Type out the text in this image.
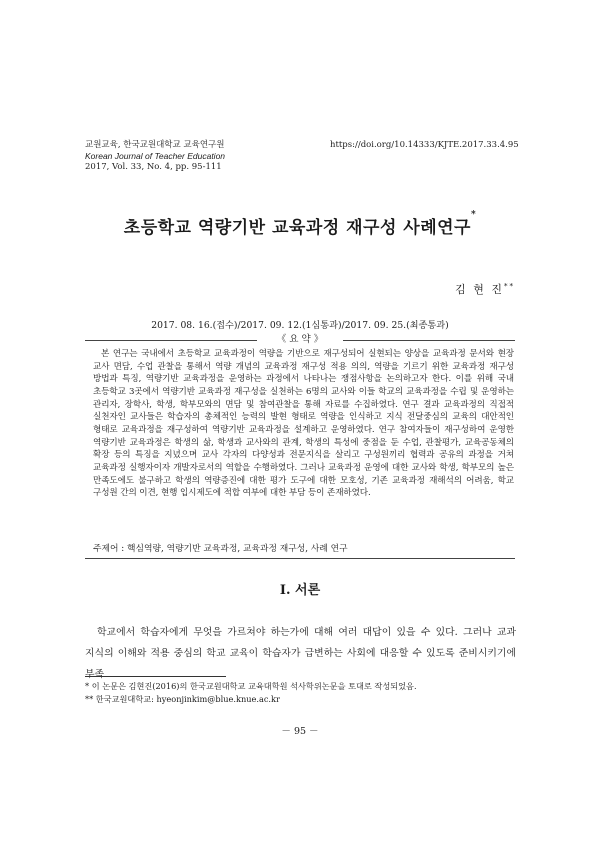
교원교육, 한국교원대학교 교육연구원
Korean Journal of Teacher Education
2017, Vol. 33, No. 4, pp. 95-111
https://doi.org/10.14333/KJTE.2017.33.4.95
초등학교 역량기반 교육과정 재구성 사례연구*
김 현 진**
2017. 08. 16.(접수)/2017. 09. 12.(1심통과)/2017. 09. 25.(최종통과)
《 요 약 》
본 연구는 국내에서 초등학교 교육과정이 역량을 기반으로 재구성되어 실현되는 양상을 교육과정 문서와 현장 교사 면담, 수업 관찰을 통해서 역량 개념의 교육과정 재구성 적용 의의, 역량을 기르기 위한 교육과정 재구성 방법과 특징, 역량기반 교육과정을 운영하는 과정에서 나타나는 쟁점사항을 논의하고자 한다. 이를 위해 국내 초등학교 3곳에서 역량기반 교육과정 재구성을 실천하는 6명의 교사와 이들 학교의 교육과정을 수립 및 운영하는 관리자, 장학사, 학생, 학부모와의 면담 및 참여관찰을 통해 자료를 수집하였다. 연구 결과 교육과정의 직접적 실천자인 교사들은 학습자의 총체적인 능력의 발현 형태로 역량을 인식하고 지식 전달중심의 교육의 대안적인 형태로 교육과정을 재구성하여 역량기반 교육과정을 설계하고 운영하였다. 연구 참여자들이 재구성하여 운영한 역량기반 교육과정은 학생의 삶, 학생과 교사와의 관계, 학생의 특성에 중점을 둔 수업, 관찰평가, 교육공동체의 확장 등의 특징을 지녔으며 교사 각자의 다양성과 전문지식을 살리고 구성원끼리 협력과 공유의 과정을 거쳐 교육과정 실행자이자 개발자로서의 역할을 수행하였다. 그러나 교육과정 운영에 대한 교사와 학생, 학부모의 높은 만족도에도 불구하고 학생의 역량증진에 대한 평가 도구에 대한 모호성, 기존 교육과정 재해석의 어려움, 학교 구성원 간의 이견, 현행 입시제도에 적합 여부에 대한 부담 등이 존재하였다.
주제어 : 핵심역량, 역량기반 교육과정, 교육과정 재구성, 사례 연구
Ⅰ. 서론
학교에서 학습자에게 무엇을 가르쳐야 하는가에 대해 여러 대답이 있을 수 있다. 그러나 교과 지식의 이해와 적용 중심의 학교 교육이 학습자가 급변하는 사회에 대응할 수 있도록 준비시키기에 부족
* 이 논문은 김현진(2016)의 한국교원대학교 교육대학원 석사학위논문을 토대로 작성되었음.
** 한국교원대학교: hyeonjinkim@blue.knue.ac.kr
－ 95 －
